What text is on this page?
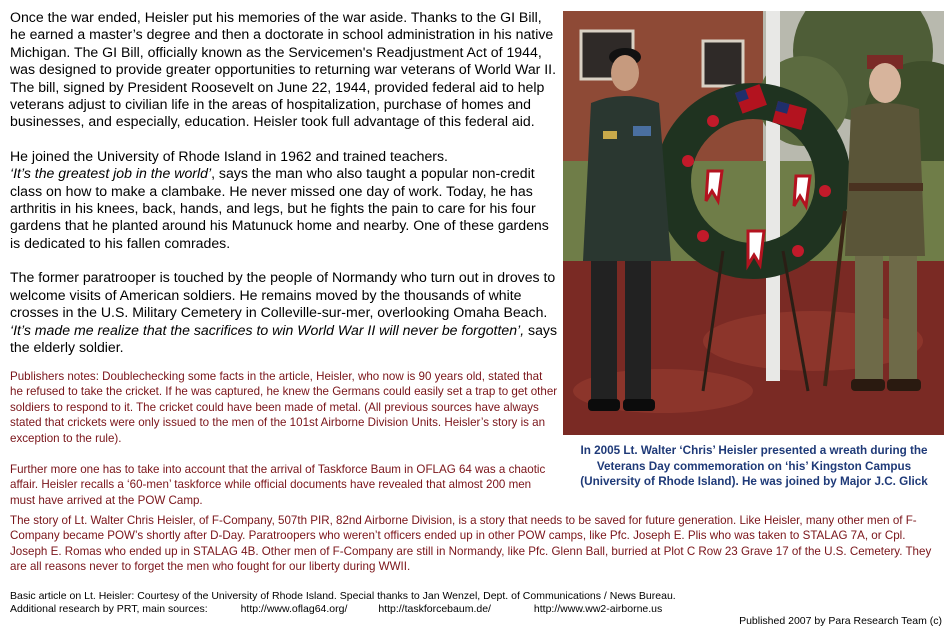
Once the war ended, Heisler put his memories of the war aside. Thanks to the GI Bill, he earned a master’s degree and then a doctorate in school administration in his native Michigan. The GI Bill, officially known as the Servicemen's Readjustment Act of 1944, was designed to provide greater opportunities to returning war veterans of World War II. The bill, signed by President Roosevelt on June 22, 1944, provided federal aid to help veterans adjust to civilian life in the areas of hospitalization, purchase of homes and businesses, and especially, education. Heisler took full advantage of this federal aid.

He joined the University of Rhode Island in 1962 and trained teachers.
‘It’s the greatest job in the world’, says the man who also taught a popular non-credit class on how to make a clambake. He never missed one day of work. Today, he has arthritis in his knees, back, hands, and legs, but he fights the pain to care for his four gardens that he planted around his Matunuck home and nearby. One of these gardens is dedicated to his fallen comrades.

The former paratrooper is touched by the people of Normandy who turn out in droves to welcome visits of American soldiers. He remains moved by the thousands of white crosses in the U.S. Military Cemetery in Colleville-sur-mer, overlooking Omaha Beach. ‘It’s made me realize that the sacrifices to win World War II will never be forgotten’, says the elderly soldier.

Publishers notes: Doublechecking some facts in the article, Heisler, who now is 90 years old, stated that he refused to take the cricket. If he was captured, he knew the Germans could easily set a trap to get other soldiers to respond to it. The cricket could have been made of metal. (All previous sources have always stated that crickets were only issued to the men of the 101st Airborne Division Units. Heisler’s story is an exception to the rule).

Further more one has to take into account that the arrival of Taskforce Baum in OFLAG 64 was a chaotic affair. Heisler recalls a ‘60-men’ taskforce while official documents have revealed that almost 200 men must have arrived at the POW Camp.

In 2005 Lt. Walter ‘Chris’ Heisler presented a wreath during the Veterans Day commemoration on ‘his’ Kingston Campus (University of Rhode Island). He was joined by Major J.C. Glick
The story of Lt. Walter Chris Heisler, of F-Company, 507th PIR, 82nd Airborne Division, is a story that needs to be saved for future generation. Like Heisler, many other men of F-Company became POW’s shortly after D-Day. Paratroopers who weren’t officers ended up in other POW camps, like Pfc. Joseph E. Plis who was taken to STALAG 7A, or Cpl. Joseph E. Romas who ended up in STALAG 4B. Other men of F-Company are still in Normandy, like Pfc. Glenn Ball, burried at Plot C Row 23 Grave 17 of the U.S. Cemetery. They are all reasons never to forget the men who fought for our liberty during WWII.
Basic article on Lt. Heisler: Courtesy of the University of Rhode Island. Special thanks to Jan Wenzel, Dept. of Communications / News Bureau.
Additional research by PRT, main sources:	http://www.oflag64.org/	http://taskforcebaum.de/	http://www.ww2-airborne.us
Published 2007 by Para Research Team (c)
